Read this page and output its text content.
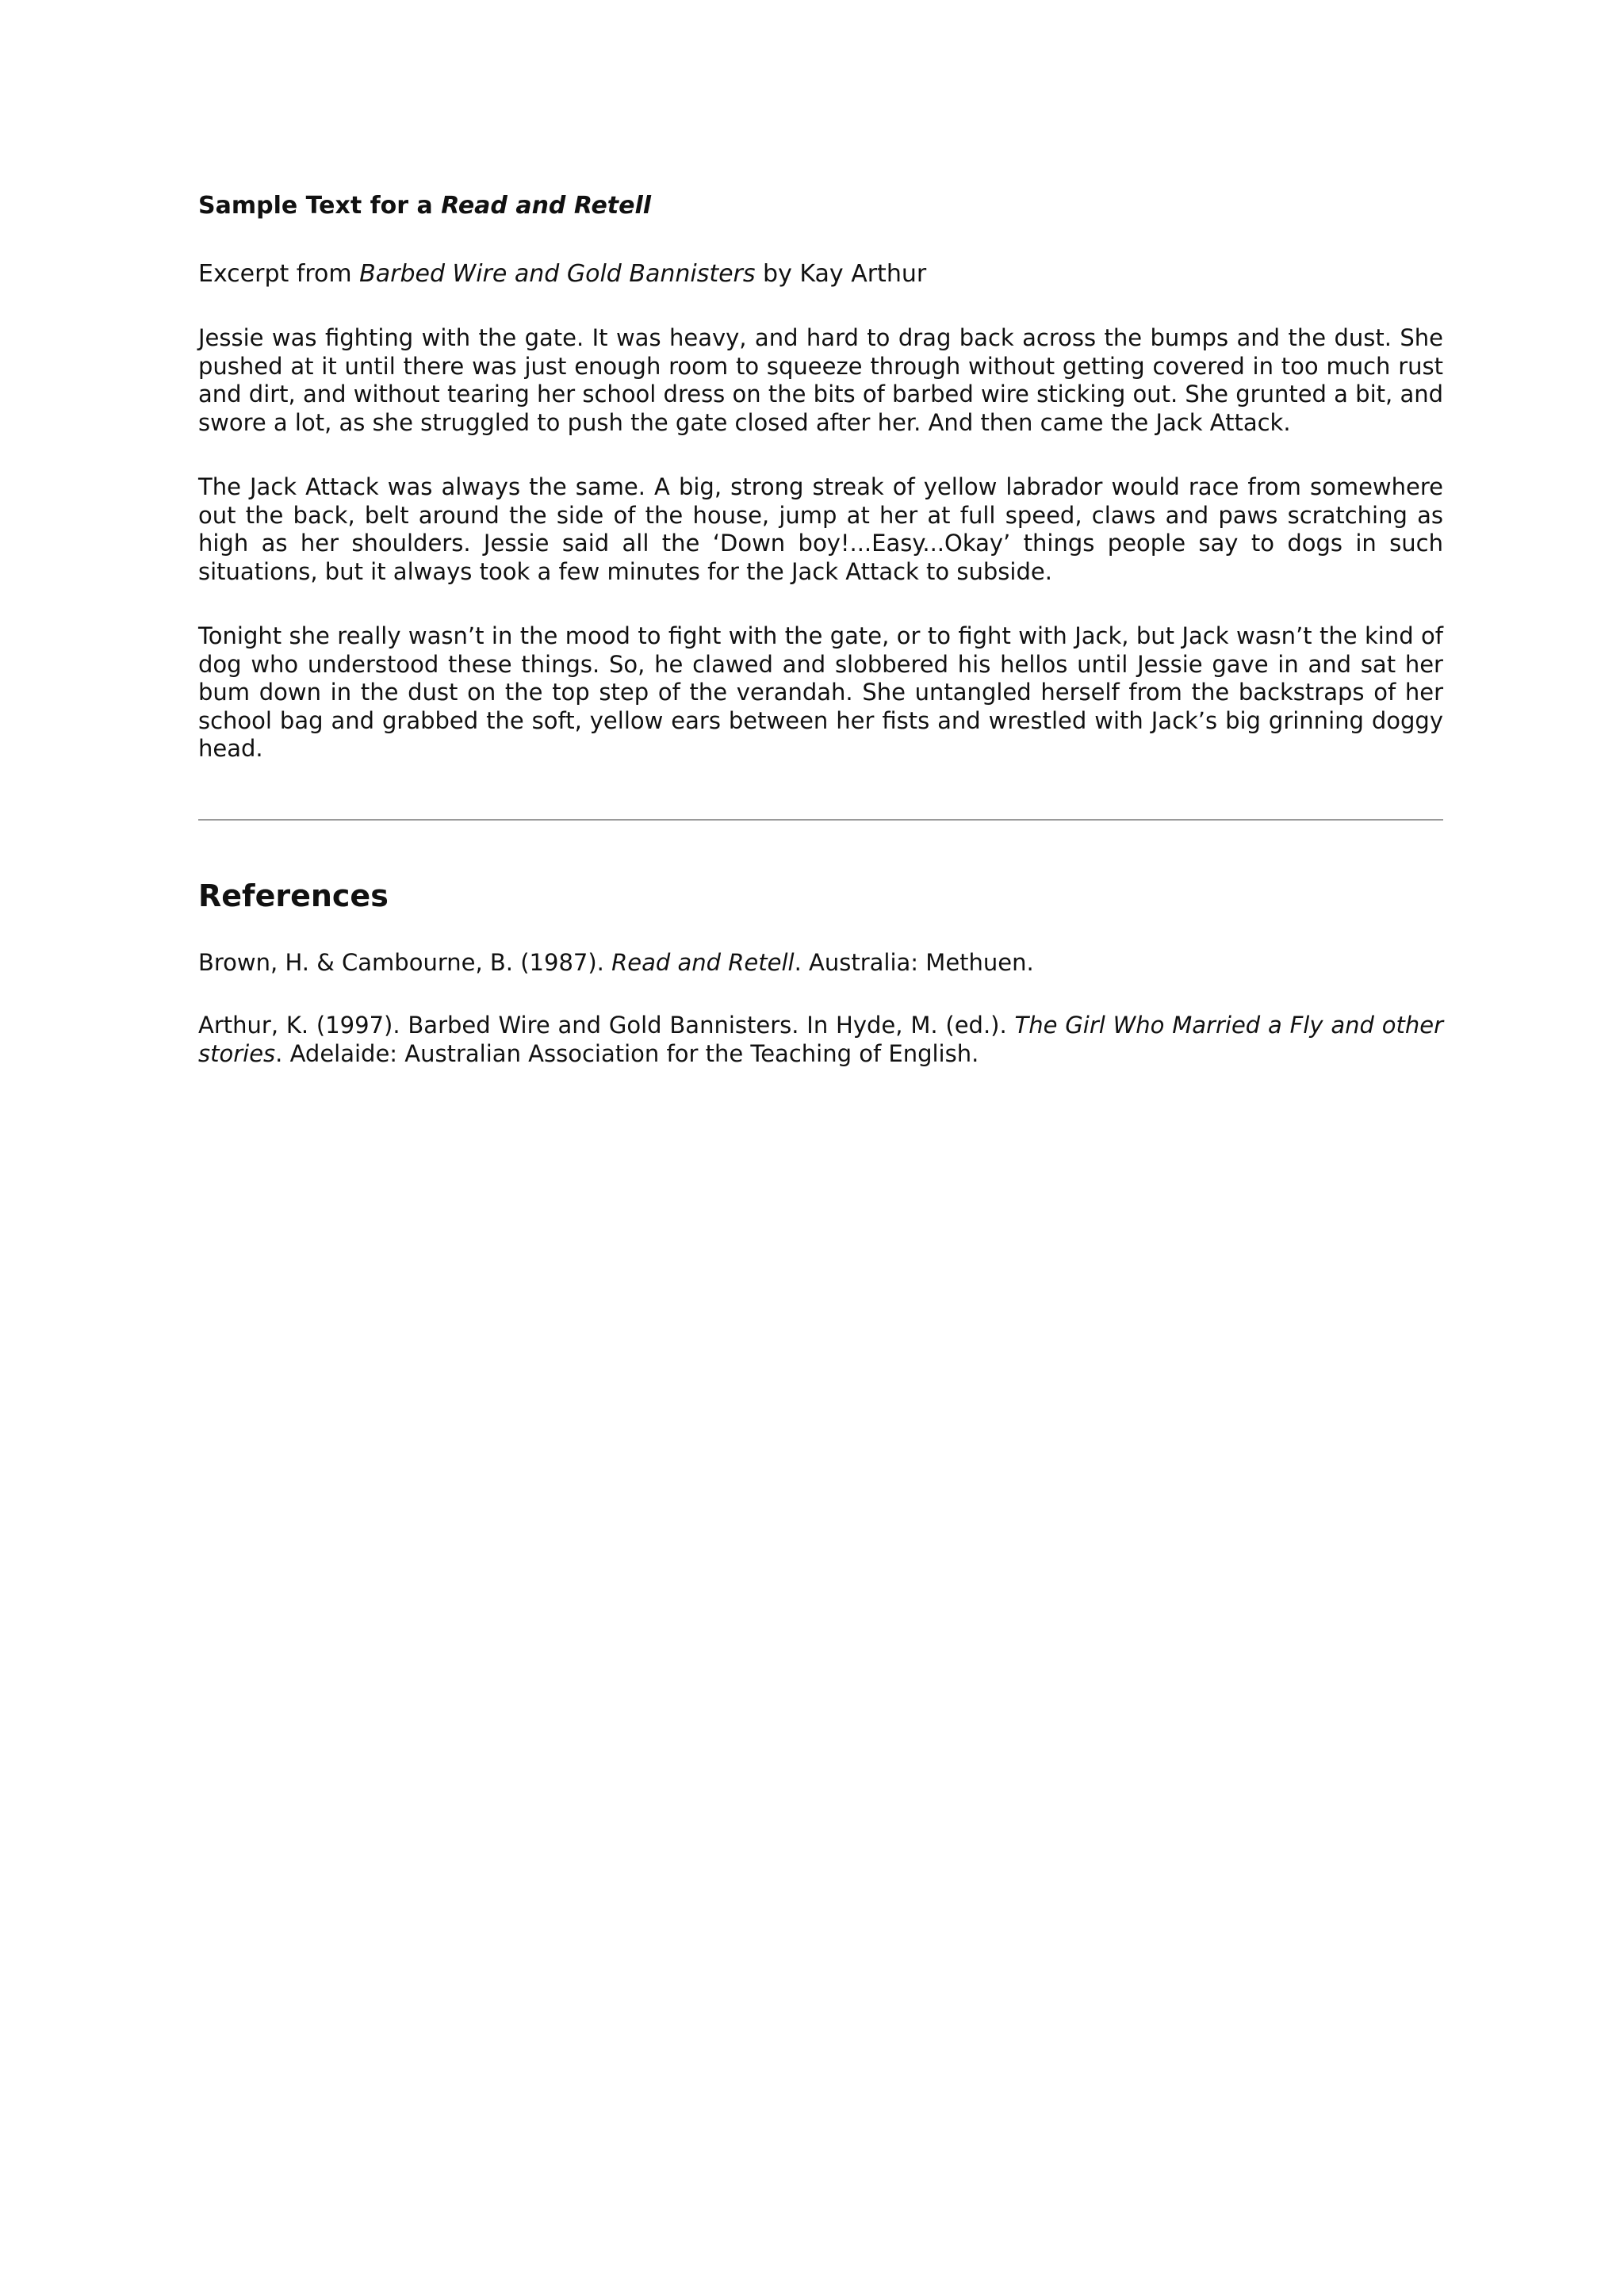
Sample Text for a Read and Retell

Excerpt from Barbed Wire and Gold Bannisters by Kay Arthur

Jessie was fighting with the gate. It was heavy, and hard to drag back across the bumps and the dust. She pushed at it until there was just enough room to squeeze through without getting covered in too much rust and dirt, and without tearing her school dress on the bits of barbed wire sticking out. She grunted a bit, and swore a lot, as she struggled to push the gate closed after her. And then came the Jack Attack.

The Jack Attack was always the same. A big, strong streak of yellow labrador would race from somewhere out the back, belt around the side of the house, jump at her at full speed, claws and paws scratching as high as her shoulders. Jessie said all the ‘Down boy!...Easy...Okay’ things people say to dogs in such situations, but it always took a few minutes for the Jack Attack to subside.

Tonight she really wasn’t in the mood to fight with the gate, or to fight with Jack, but Jack wasn’t the kind of dog who understood these things. So, he clawed and slobbered his hellos until Jessie gave in and sat her bum down in the dust on the top step of the verandah. She untangled herself from the backstraps of her school bag and grabbed the soft, yellow ears between her fists and wrestled with Jack’s big grinning doggy head.

References

Brown, H. & Cambourne, B. (1987). Read and Retell. Australia: Methuen.

Arthur, K. (1997). Barbed Wire and Gold Bannisters. In Hyde, M. (ed.). The Girl Who Married a Fly and other stories. Adelaide: Australian Association for the Teaching of English.
